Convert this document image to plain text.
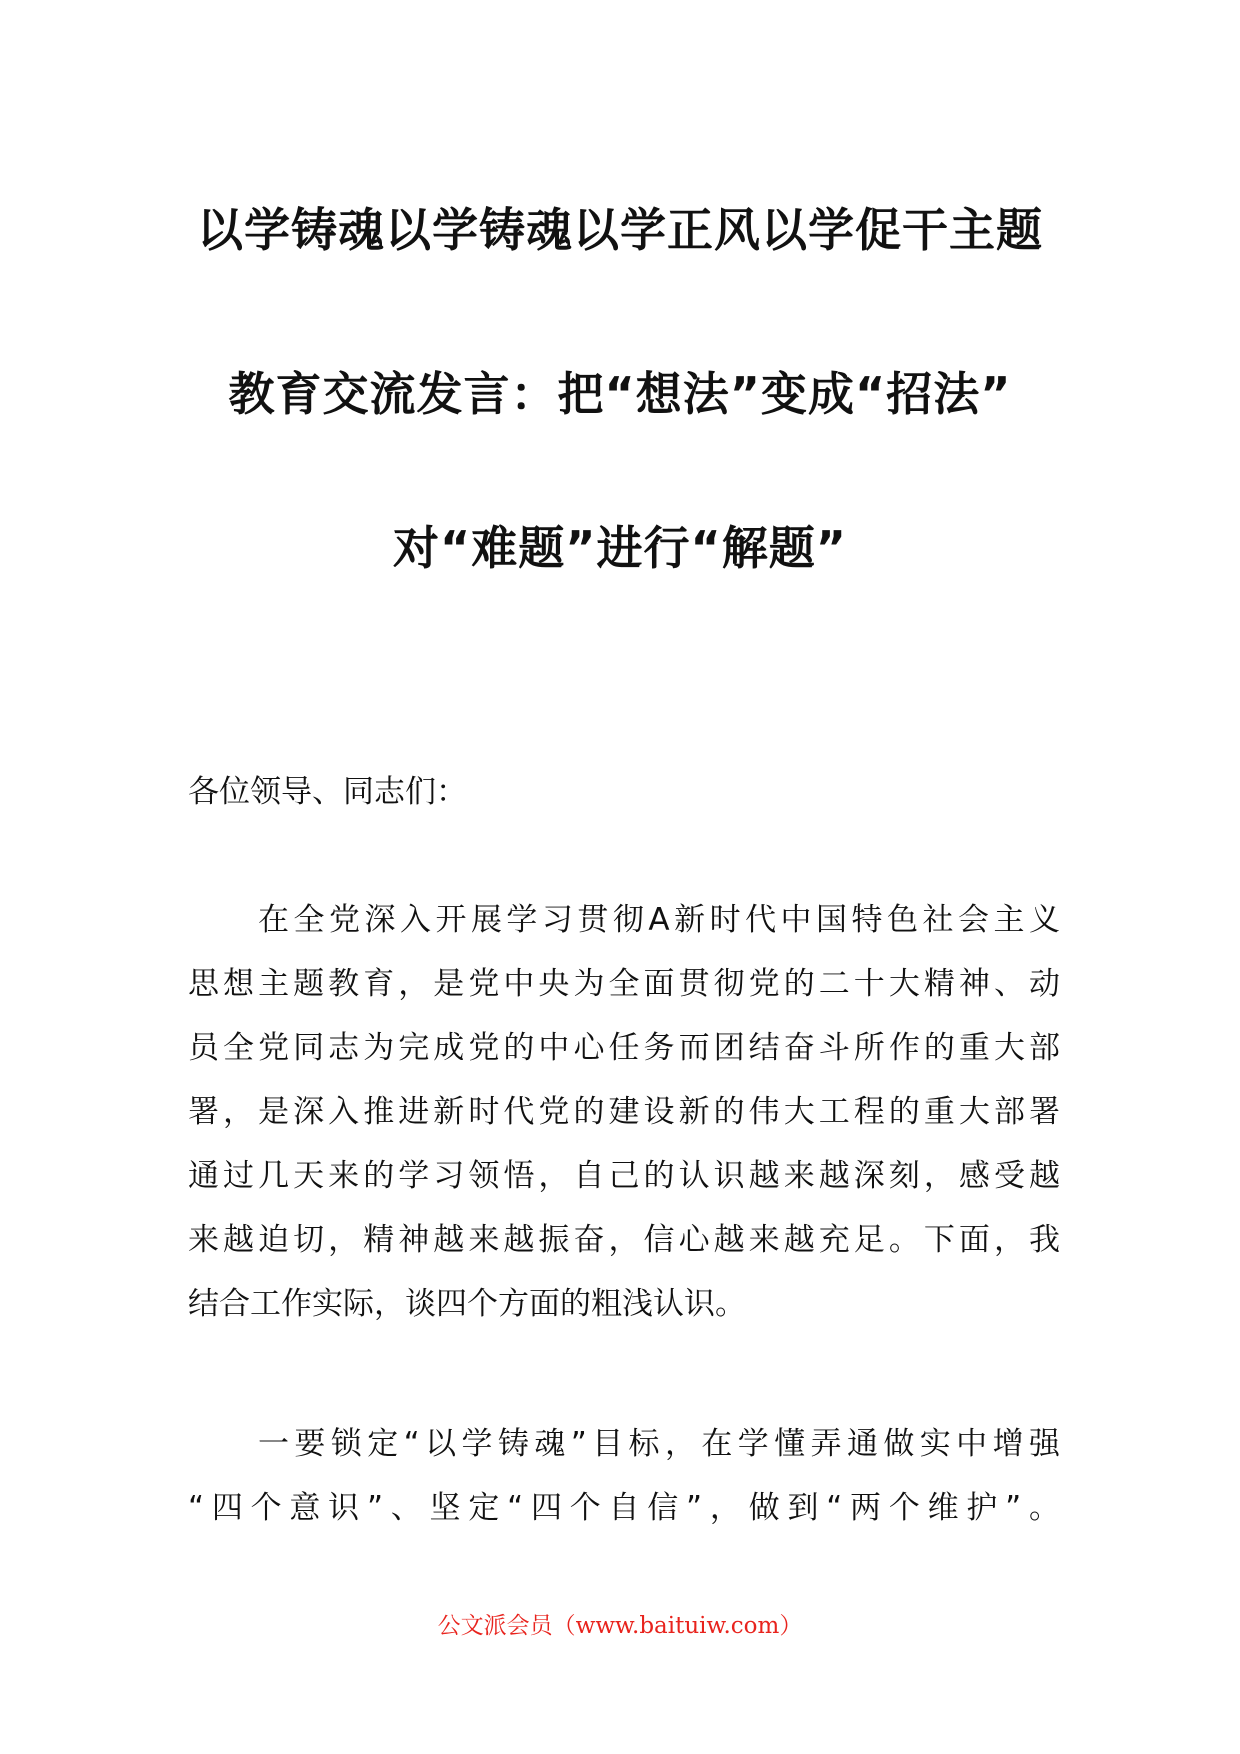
以学铸魂以学铸魂以学正风以学促干主题
教育交流发言：把“想法”变成“招法”
对“难题”进行“解题”
各位领导、同志们：
在全党深入开展学习贯彻A新时代中国特色社会主义
思想主题教育，是党中央为全面贯彻党的二十大精神、动
员全党同志为完成党的中心任务而团结奋斗所作的重大部
署，是深入推进新时代党的建设新的伟大工程的重大部署
通过几天来的学习领悟，自己的认识越来越深刻，感受越
来越迫切，精神越来越振奋，信心越来越充足。下面，我
结合工作实际，谈四个方面的粗浅认识。
一要锁定“以学铸魂”目标，在学懂弄通做实中增强
“四个意识”、坚定“四个自信”，做到“两个维护”。
公文派会员（www.baituiw.com）
